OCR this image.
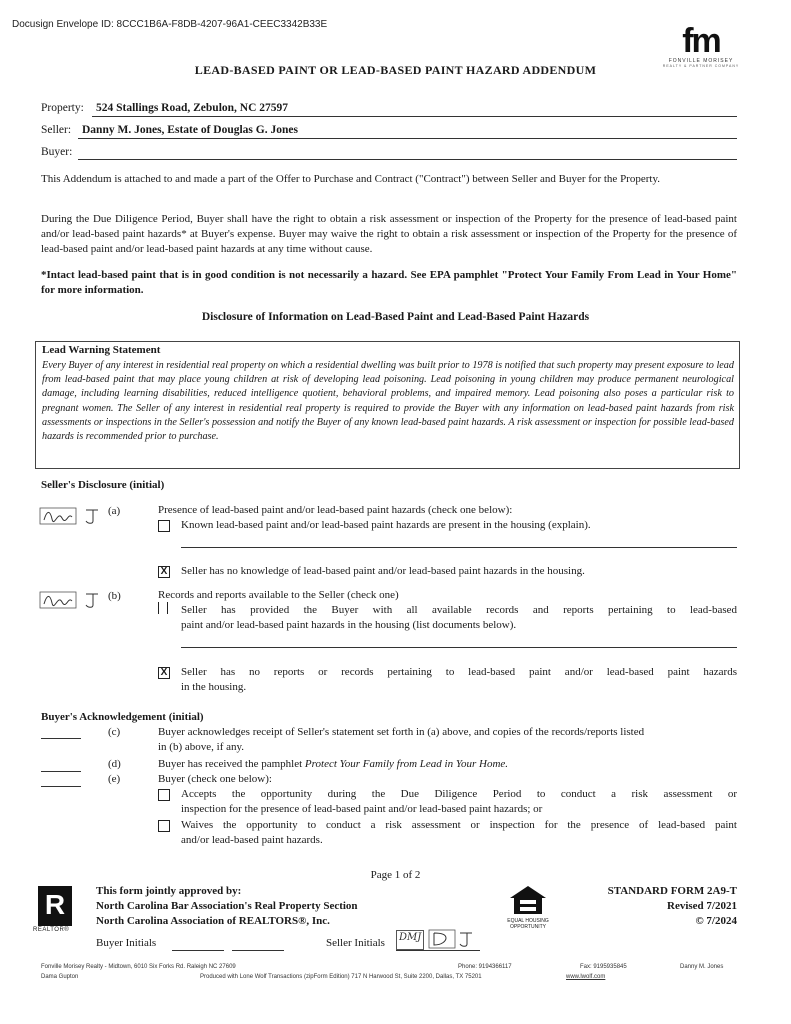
Docusign Envelope ID: 8CCC1B6A-F8DB-4207-96A1-CEEC3342B33E	fm
FONVILLE MORISEY
REALTY & PARTNER COMPANY
LEAD-BASED PAINT OR LEAD-BASED PAINT HAZARD ADDENDUM
Property: 524 Stallings Road, Zebulon, NC 27597
Seller: Danny M. Jones, Estate of Douglas G. Jones
Buyer:
This Addendum is attached to and made a part of the Offer to Purchase and Contract ("Contract") between Seller and Buyer for the Property.
During the Due Diligence Period, Buyer shall have the right to obtain a risk assessment or inspection of the Property for the presence of lead-based paint and/or lead-based paint hazards* at Buyer's expense. Buyer may waive the right to obtain a risk assessment or inspection of the Property for the presence of lead-based paint and/or lead-based paint hazards at any time without cause.
*Intact lead-based paint that is in good condition is not necessarily a hazard. See EPA pamphlet "Protect Your Family From Lead in Your Home" for more information.
Disclosure of Information on Lead-Based Paint and Lead-Based Paint Hazards
Lead Warning Statement
Every Buyer of any interest in residential real property on which a residential dwelling was built prior to 1978 is notified that such property may present exposure to lead from lead-based paint that may place young children at risk of developing lead poisoning. Lead poisoning in young children may produce permanent neurological damage, including learning disabilities, reduced intelligence quotient, behavioral problems, and impaired memory. Lead poisoning also poses a particular risk to pregnant women. The Seller of any interest in residential real property is required to provide the Buyer with any information on lead-based paint hazards from risk assessments or inspections in the Seller's possession and notify the Buyer of any known lead-based paint hazards. A risk assessment or inspection for possible lead-based hazards is recommended prior to purchase.
Seller's Disclosure (initial)
(a)	Presence of lead-based paint and/or lead-based paint hazards (check one below):
Known lead-based paint and/or lead-based paint hazards are present in the housing (explain).
X Seller has no knowledge of lead-based paint and/or lead-based paint hazards in the housing.
(b)	Records and reports available to the Seller (check one)
Seller has provided the Buyer with all available records and reports pertaining to lead-based
paint and/or lead-based paint hazards in the housing (list documents below).
X Seller has no reports or records pertaining to lead-based paint and/or lead-based paint hazards
in the housing.
Buyer's Acknowledgement (initial)
(c)	Buyer acknowledges receipt of Seller's statement set forth in (a) above, and copies of the records/reports listed
in (b) above, if any.
(d)	Buyer has received the pamphlet Protect Your Family from Lead in Your Home.
(e)	Buyer (check one below):
Accepts the opportunity during the Due Diligence Period to conduct a risk assessment or
inspection for the presence of lead-based paint and/or lead-based paint hazards; or
Waives the opportunity to conduct a risk assessment or inspection for the presence of lead-based paint
and/or lead-based paint hazards.
Page 1 of 2
R
REALTOR®
This form jointly approved by:
North Carolina Bar Association's Real Property Section
North Carolina Association of REALTORS®, Inc.	EQUAL HOUSING OPPORTUNITY
STANDARD FORM 2A9-T
Revised 7/2021
© 7/2024
Buyer Initials	Seller Initials DMJ
Fonville Morisey Realty - Midtown, 6010 Six Forks Rd. Raleigh NC 27609
Dama Gupton
Phone: 9194366117	Fax: 9195935845	Danny M. Jones
Produced with Lone Wolf Transactions (zipForm Edition) 717 N Harwood St, Suite 2200, Dallas, TX 75201	www.lwolf.com
